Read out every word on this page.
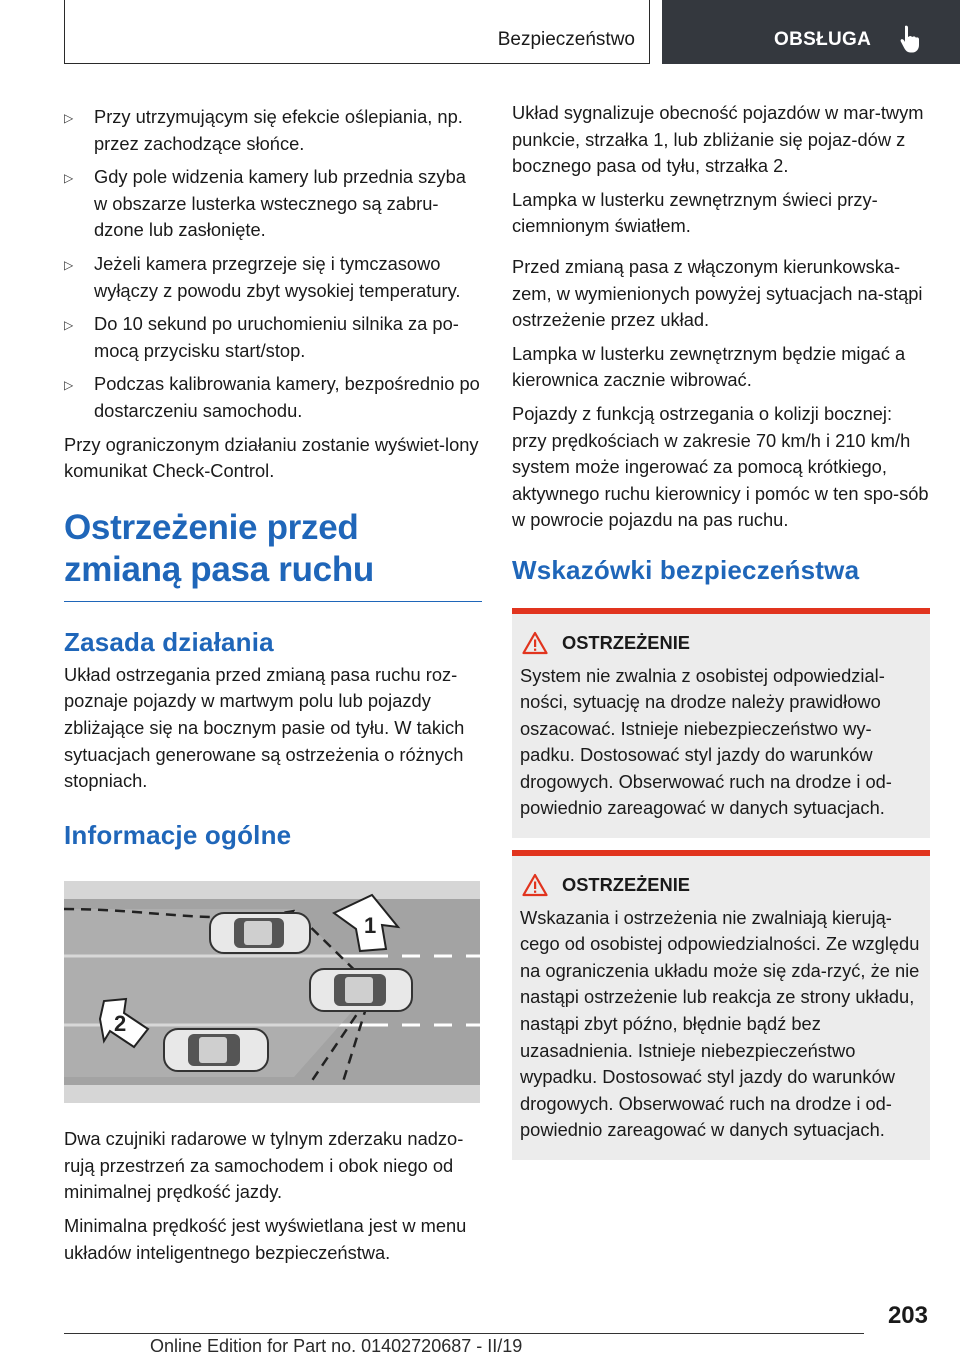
Bezpieczeństwo	OBSŁUGA
▷	Przy utrzymującym się efekcie oślepiania, np. przez zachodzące słońce.
▷	Gdy pole widzenia kamery lub przednia szyba w obszarze lusterka wstecznego są zabru-dzone lub zasłonięte.
▷	Jeżeli kamera przegrzeje się i tymczasowo wyłączy z powodu zbyt wysokiej temperatury.
▷	Do 10 sekund po uruchomieniu silnika za po-mocą przycisku start/stop.
▷	Podczas kalibrowania kamery, bezpośrednio po dostarczeniu samochodu.
Przy ograniczonym działaniu zostanie wyświet-lony komunikat Check-Control.
Ostrzeżenie przed zmianą pasa ruchu
Zasada działania
Układ ostrzegania przed zmianą pasa ruchu roz-poznaje pojazdy w martwym polu lub pojazdy zbliżające się na bocznym pasie od tyłu. W takich sytuacjach generowane są ostrzeżenia o różnych stopniach.
Informacje ogólne
1
2
Dwa czujniki radarowe w tylnym zderzaku nadzo-rują przestrzeń za samochodem i obok niego od minimalnej prędkość jazdy.
Minimalna prędkość jest wyświetlana jest w menu układów inteligentnego bezpieczeństwa.
Układ sygnalizuje obecność pojazdów w mar-twym punkcie, strzałka 1, lub zbliżanie się pojaz-dów z bocznego pasa od tyłu, strzałka 2.
Lampka w lusterku zewnętrznym świeci przy-ciemnionym światłem.
Przed zmianą pasa z włączonym kierunkowska-zem, w wymienionych powyżej sytuacjach na-stąpi ostrzeżenie przez układ.
Lampka w lusterku zewnętrznym będzie migać a kierownica zacznie wibrować.
Pojazdy z funkcją ostrzegania o kolizji bocznej: przy prędkościach w zakresie 70 km/h i 210 km/h system może ingerować za pomocą krótkiego, aktywnego ruchu kierownicy i pomóc w ten spo-sób w powrocie pojazdu na pas ruchu.
Wskazówki bezpieczeństwa
OSTRZEŻENIE
System nie zwalnia z osobistej odpowiedzial-ności, sytuację na drodze należy prawidłowo oszacować. Istnieje niebezpieczeństwo wy-padku. Dostosować styl jazdy do warunków drogowych. Obserwować ruch na drodze i od-powiednio zareagować w danych sytuacjach.
OSTRZEŻENIE
Wskazania i ostrzeżenia nie zwalniają kierują-cego od osobistej odpowiedzialności. Ze względu na ograniczenia układu może się zda-rzyć, że nie nastąpi ostrzeżenie lub reakcja ze strony układu, nastąpi zbyt późno, błędnie bądź bez uzasadnienia. Istnieje niebezpieczeństwo wypadku. Dostosować styl jazdy do warunków drogowych. Obserwować ruch na drodze i od-powiednio zareagować w danych sytuacjach.
203
Online Edition for Part no. 01402720687 - II/19
